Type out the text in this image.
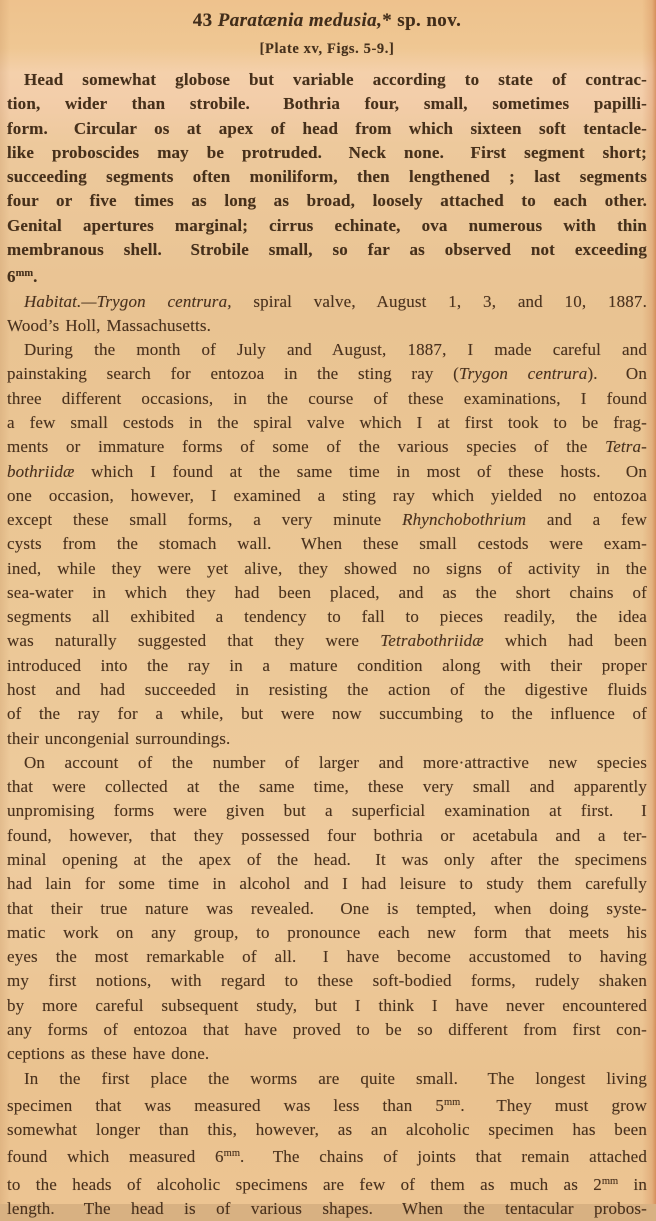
43 Paratænia medusia,* sp. nov.
[Plate xv, Figs. 5-9.]
Head somewhat globose but variable according to state of contrac-
tion, wider than strobile.  Bothria four, small, sometimes papilli-
form.  Circular os at apex of head from which sixteen soft tentacle-
like proboscides may be protruded.  Neck none.  First segment short;
succeeding segments often moniliform, then lengthened ; last segments
four or five times as long as broad, loosely attached to each other.
Genital apertures marginal; cirrus echinate, ova numerous with thin
membranous shell.  Strobile small, so far as observed not exceeding
$6^{mm}$.
Habitat.—Trygon centrura, spiral valve, August 1, 3, and 10, 1887.
Wood’s Holl, Massachusetts.
During the month of July and August, 1887, I made careful and
painstaking search for entozoa in the sting ray (Trygon centrura).  On
three different occasions, in the course of these examinations, I found
a few small cestods in the spiral valve which I at first took to be frag-
ments or immature forms of some of the various species of the Tetra-
bothriidæ which I found at the same time in most of these hosts.  On
one occasion, however, I examined a sting ray which yielded no entozoa
except these small forms, a very minute Rhynchobothrium and a few
cysts from the stomach wall.  When these small cestods were exam-
ined, while they were yet alive, they showed no signs of activity in the
sea-water in which they had been placed, and as the short chains of
segments all exhibited a tendency to fall to pieces readily, the idea
was naturally suggested that they were Tetrabothriidæ which had been
introduced into the ray in a mature condition along with their proper
host and had succeeded in resisting the action of the digestive fluids
of the ray for a while, but were now succumbing to the influence of
their uncongenial surroundings.
On account of the number of larger and more·attractive new species
that were collected at the same time, these very small and apparently
unpromising forms were given but a superficial examination at first.  I
found, however, that they possessed four bothria or acetabula and a ter-
minal opening at the apex of the head.  It was only after the specimens
had lain for some time in alcohol and I had leisure to study them carefully
that their true nature was revealed.  One is tempted, when doing syste-
matic work on any group, to pronounce each new form that meets his
eyes the most remarkable of all.  I have become accustomed to having
my first notions, with regard to these soft-bodied forms, rudely shaken
by more careful subsequent study, but I think I have never encountered
any forms of entozoa that have proved to be so different from first con-
ceptions as these have done.
In the first place the worms are quite small.  The longest living
specimen that was measured was less than $5^{mm}$.  They must grow
somewhat longer than this, however, as an alcoholic specimen has been
found which measured $6^{mm}$.  The chains of joints that remain attached
to the heads of alcoholic specimens are few of them as much as $2^{mm}$ in
length.  The head is of various shapes.  When the tentacular probos-
